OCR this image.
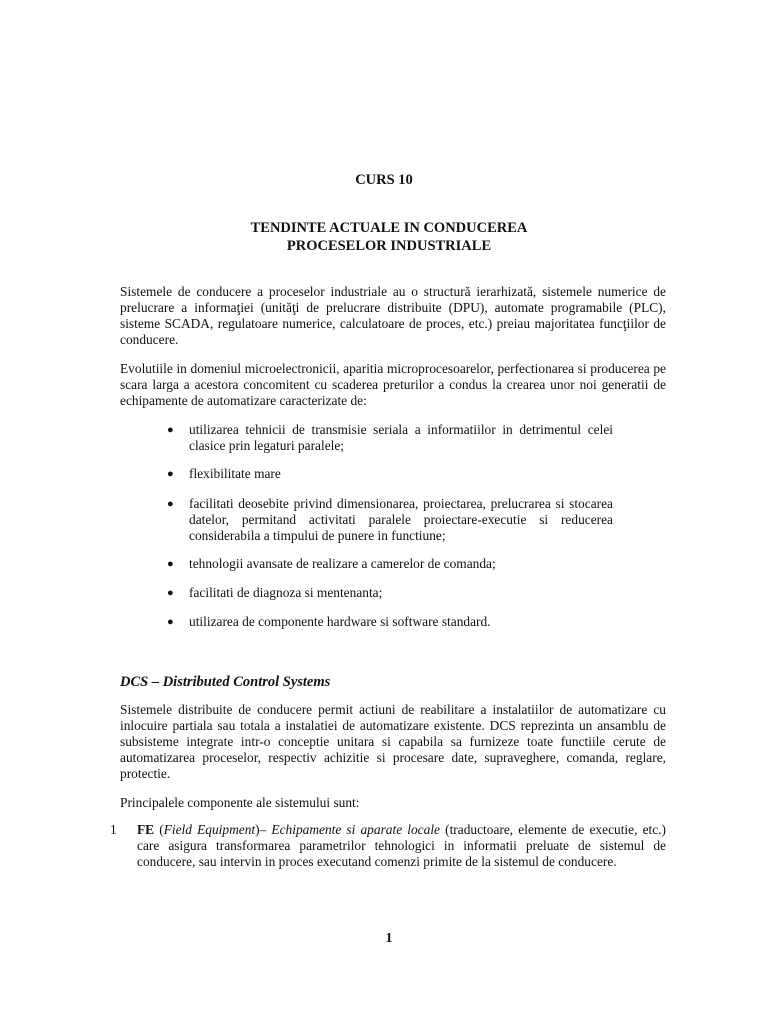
CURS 10
TENDINTE ACTUALE IN CONDUCEREA
PROCESELOR INDUSTRIALE

Sistemele de conducere a proceselor industriale au o structură ierarhizată, sistemele numerice de prelucrare a informaţiei (unităţi de prelucrare distribuite (DPU), automate programabile (PLC), sisteme SCADA, regulatoare numerice, calculatoare de proces, etc.) preiau majoritatea funcţiilor de conducere.

Evolutiile in domeniul microelectronicii, aparitia microprocesoarelor, perfectionarea si producerea pe scara larga a acestora concomitent cu scaderea preturilor a condus la crearea unor noi generatii de echipamente de automatizare caracterizate de:

● utilizarea tehnicii de transmisie seriala a informatiilor in detrimentul celei clasice prin legaturi paralele;
● flexibilitate mare
● facilitati deosebite privind dimensionarea, proiectarea, prelucrarea si stocarea datelor, permitand activitati paralele proiectare-executie si reducerea considerabila a timpului de punere in functiune;
● tehnologii avansate de realizare a camerelor de comanda;
● facilitati de diagnoza si mentenanta;
● utilizarea de componente hardware si software standard.
DCS – Distributed Control Systems

Sistemele distribuite de conducere permit actiuni de reabilitare a instalatiilor de automatizare cu inlocuire partiala sau totala a instalatiei de automatizare existente. DCS reprezinta un ansamblu de subsisteme integrate intr-o conceptie unitara si capabila sa furnizeze toate functiile cerute de automatizarea proceselor, respectiv achizitie si procesare date, supraveghere, comanda, reglare, protectie.

Principalele componente ale sistemului sunt:

1 FE (Field Equipment)– Echipamente si aparate locale (traductoare, elemente de executie, etc.) care asigura transformarea parametrilor tehnologici in informatii preluate de sistemul de conducere, sau intervin in proces executand comenzi primite de la sistemul de conducere.
1
